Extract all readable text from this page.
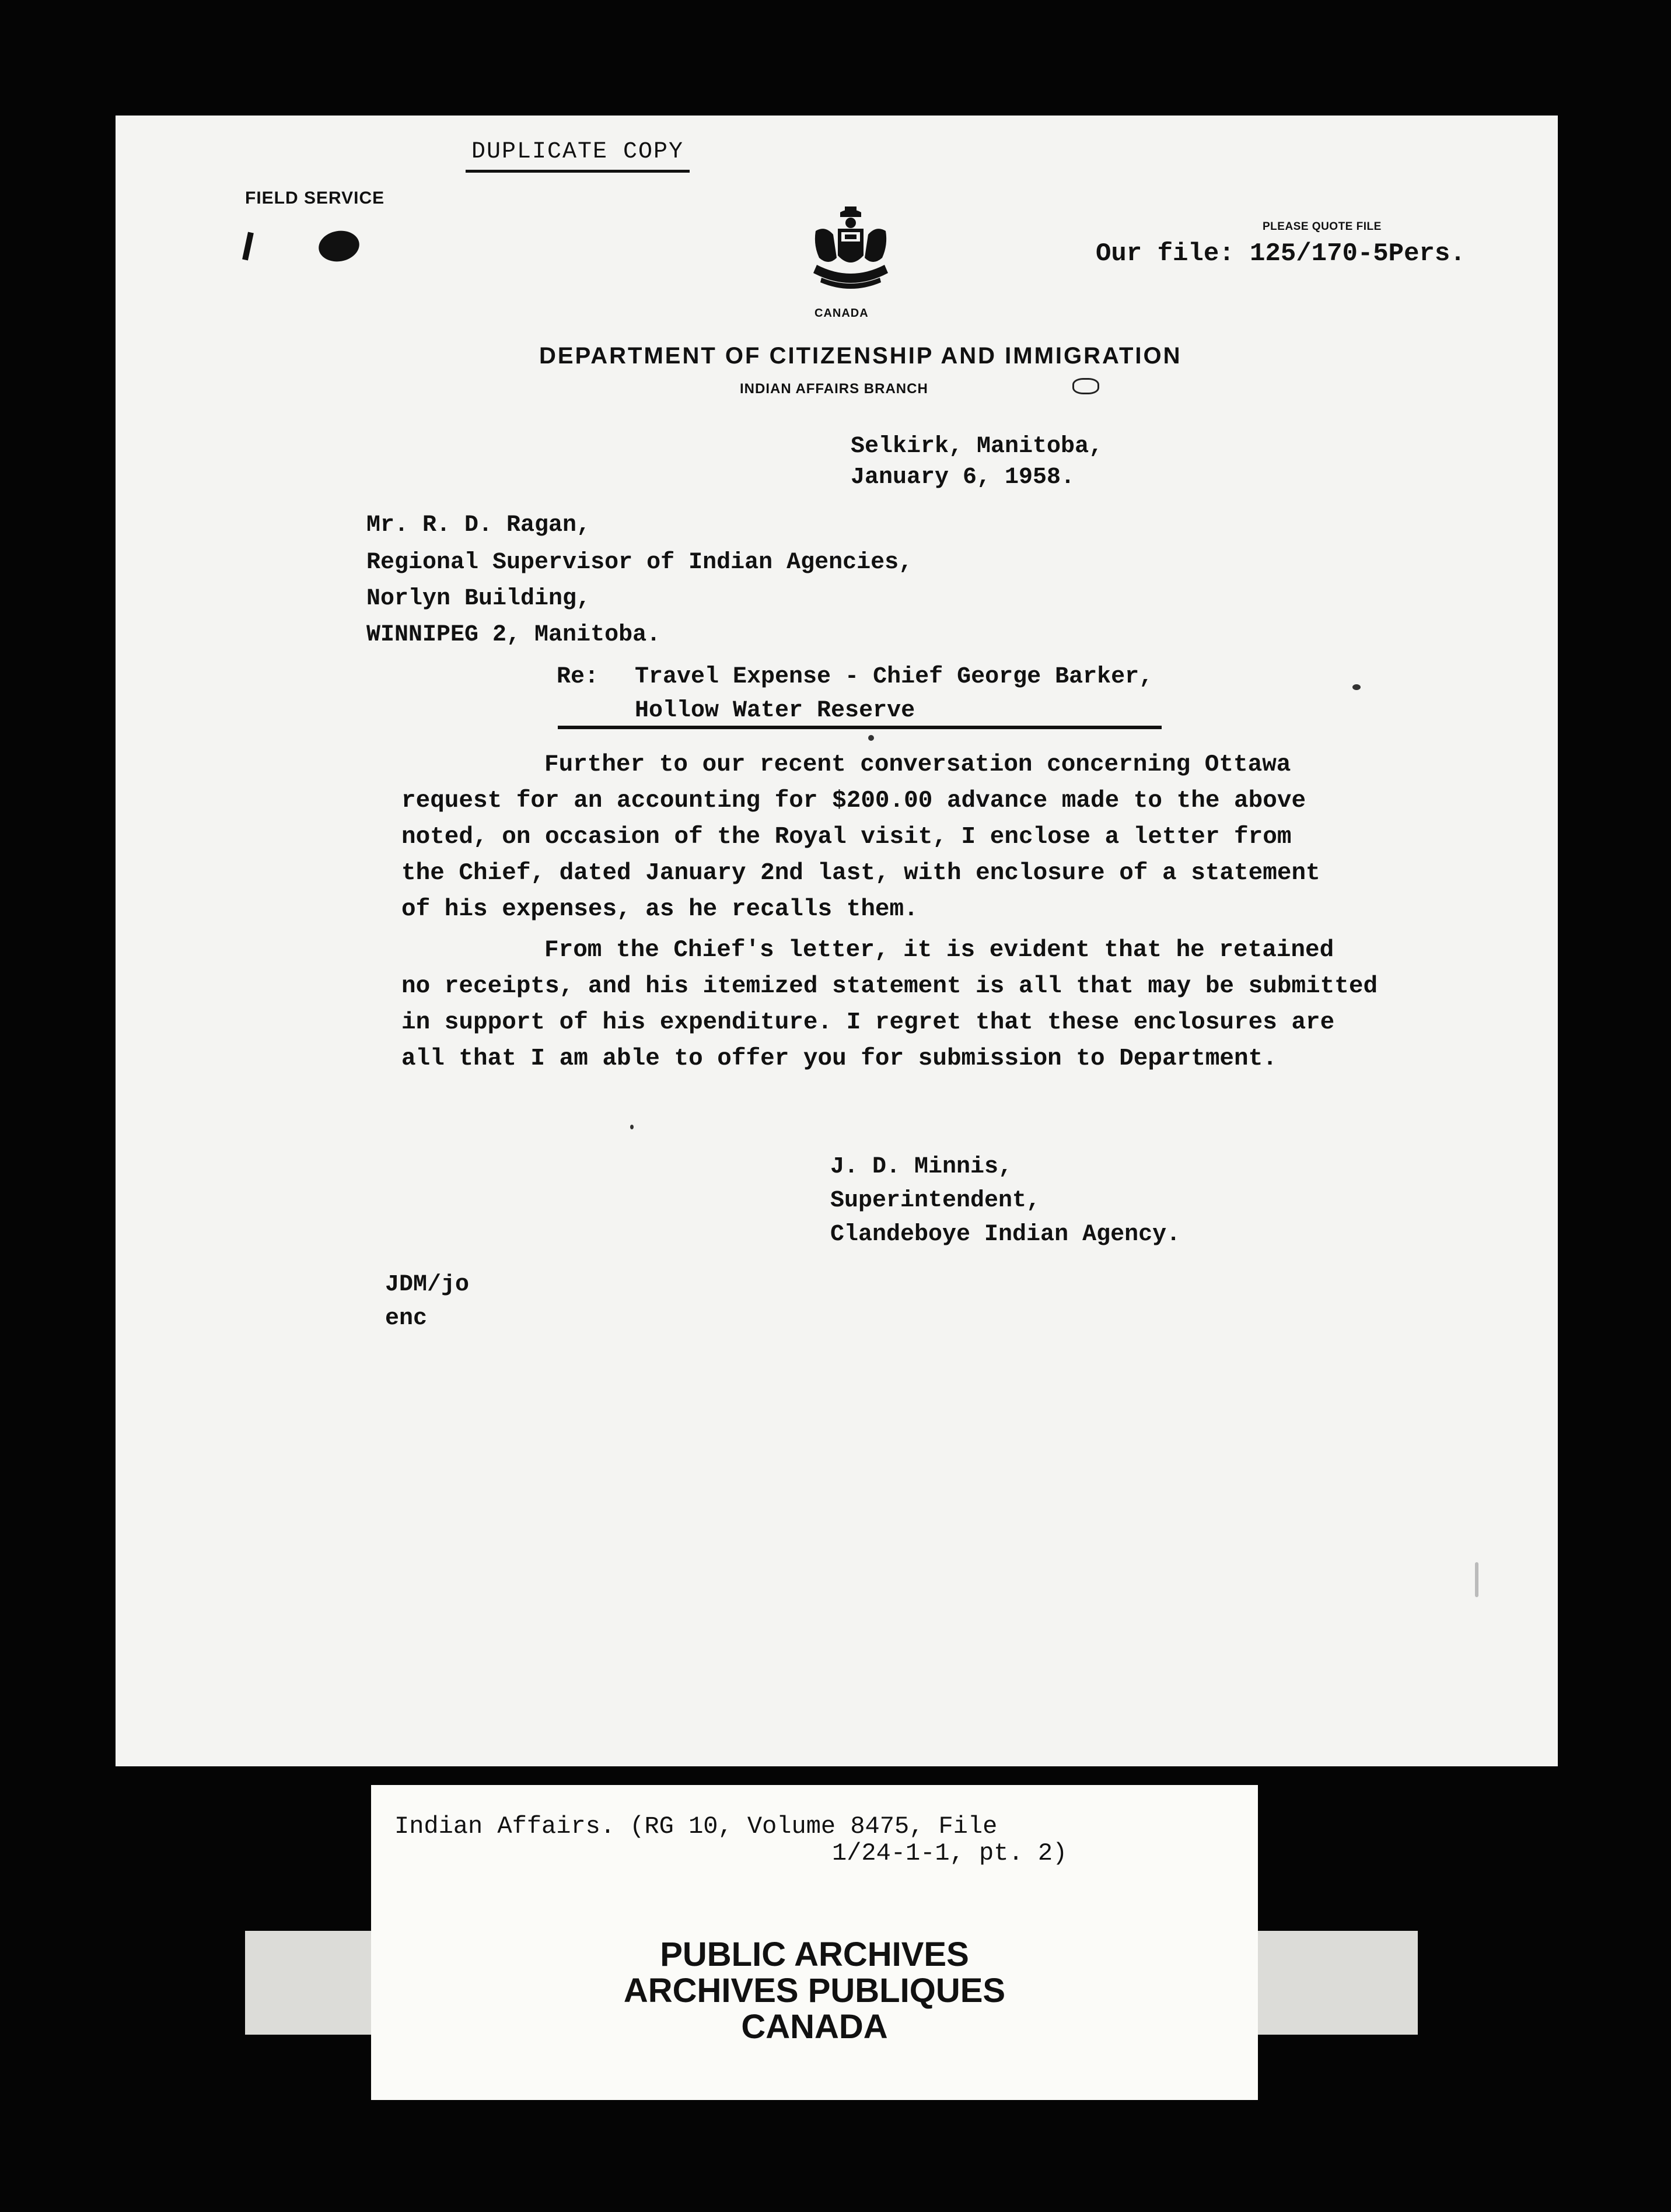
DUPLICATE COPY
FIELD SERVICE
CANADA
PLEASE QUOTE FILE
Our file: 125/170-5Pers.
DEPARTMENT OF CITIZENSHIP AND IMMIGRATION
INDIAN AFFAIRS BRANCH
Selkirk, Manitoba,
January 6, 1958.
Mr. R. D. Ragan,
Regional Supervisor of Indian Agencies,
Norlyn Building,
WINNIPEG 2, Manitoba.
Re: Travel Expense - Chief George Barker,
Hollow Water Reserve
Further to our recent conversation concerning Ottawa
request for an accounting for $200.00 advance made to the above
noted, on occasion of the Royal visit, I enclose a letter from
the Chief, dated January 2nd last, with enclosure of a statement
of his expenses, as he recalls them.
From the Chief's letter, it is evident that he retained
no receipts, and his itemized statement is all that may be submitted
in support of his expenditure. I regret that these enclosures are
all that I am able to offer you for submission to Department.
J. D. Minnis,
Superintendent,
Clandeboye Indian Agency.
JDM/jo
enc
Indian Affairs. (RG 10, Volume 8475, File
1/24-1-1, pt. 2)
PUBLIC ARCHIVES
ARCHIVES PUBLIQUES
CANADA
